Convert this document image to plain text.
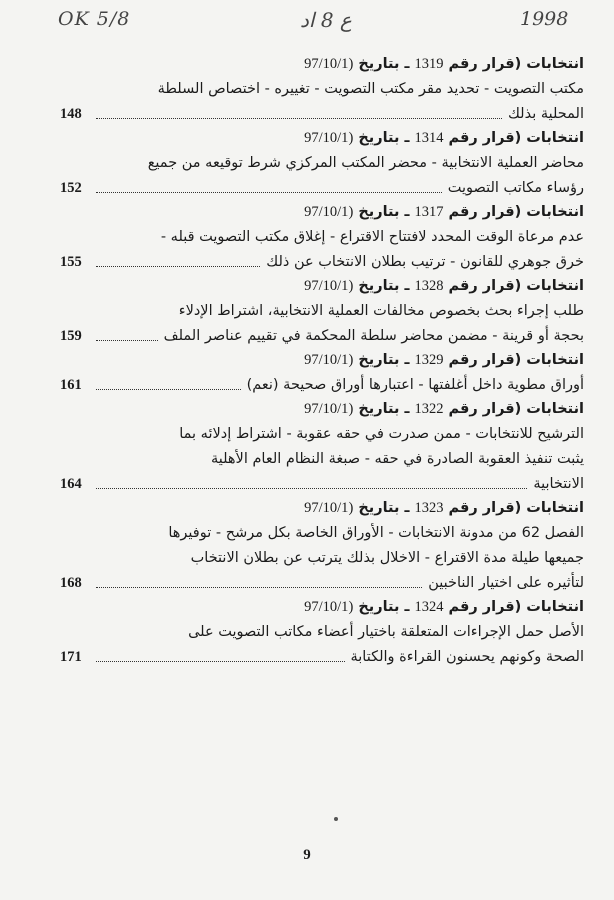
OK 5/8	ع 8 اد	1998
انتخابات (قرار رقم 1319 ـ بتاريخ (97/10/1
مكتب التصويت - تحديد مقر مكتب التصويت - تغييره - اختصاص السلطة
148	المحلية بذلك
انتخابات (قرار رقم 1314 ـ بتاريخ (97/10/1
محاضر العملية الانتخابية - محضر المكتب المركزي شرط توقيعه من جميع
152	رؤساء مكاتب التصويت
انتخابات (قرار رقم 1317 ـ بتاريخ (97/10/1
عدم مرعاة الوقت المحدد لافتتاح الاقتراع - إغلاق مكتب التصويت قبله -
155	خرق جوهري للقانون - ترتيب بطلان الانتخاب عن ذلك
انتخابات (قرار رقم 1328 ـ بتاريخ (97/10/1
طلب إجراء بحث بخصوص مخالفات العملية الانتخابية، اشتراط الإدلاء
159	بحجة أو قرينة - مضمن محاضر سلطة المحكمة في تقييم عناصر الملف
انتخابات (قرار رقم 1329 ـ بتاريخ (97/10/1
161	أوراق مطوية داخل أغلفتها - اعتبارها أوراق صحيحة (نعم)
انتخابات (قرار رقم 1322 ـ بتاريخ (97/10/1
الترشيح للانتخابات - ممن صدرت في حقه عقوبة - اشتراط إدلائه بما
يثبت تنفيذ العقوبة الصادرة في حقه - صبغة النظام العام الأهلية
164	الانتخابية
انتخابات (قرار رقم 1323 ـ بتاريخ (97/10/1
الفصل 62 من مدونة الانتخابات - الأوراق الخاصة بكل مرشح - توفيرها
جميعها طيلة مدة الاقتراع - الاخلال بذلك يترتب عن بطلان الانتخاب
168	لتأثيره على اختيار الناخبين
انتخابات (قرار رقم 1324 ـ بتاريخ (97/10/1
الأصل حمل الإجراءات المتعلقة باختيار أعضاء مكاتب التصويت على
171	الصحة وكونهم يحسنون القراءة والكتابة
9
